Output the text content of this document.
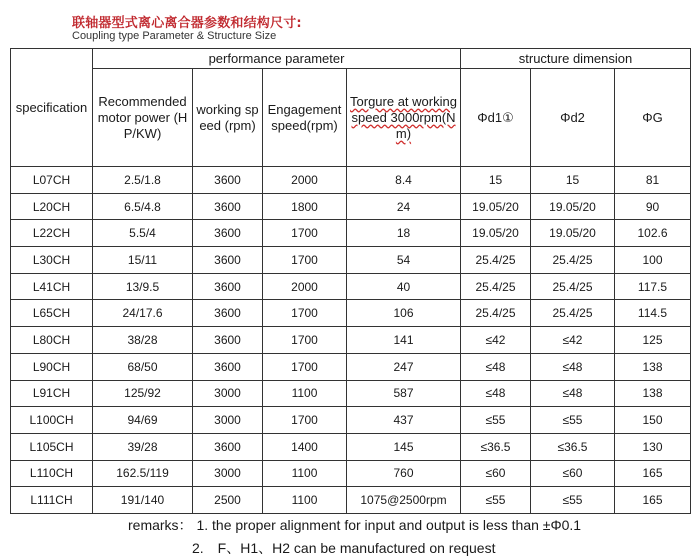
联轴器型式离心离合器参数和结构尺寸:
Coupling type Parameter & Structure Size
specification	performance parameter				structure dimension		
	Recommended motor power (HP/KW)	working speed (rpm)	Engagement speed(rpm)	Torgure at working speed 3000rpm(Nm)	Φd1①	Φd2	ΦG
L07CH	2.5/1.8	3600	2000	8.4	15	15	81
L20CH	6.5/4.8	3600	1800	24	19.05/20	19.05/20	90
L22CH	5.5/4	3600	1700	18	19.05/20	19.05/20	102.6
L30CH	15/11	3600	1700	54	25.4/25	25.4/25	100
L41CH	13/9.5	3600	2000	40	25.4/25	25.4/25	117.5
L65CH	24/17.6	3600	1700	106	25.4/25	25.4/25	114.5
L80CH	38/28	3600	1700	141	≤42	≤42	125
L90CH	68/50	3600	1700	247	≤48	≤48	138
L91CH	125/92	3000	1100	587	≤48	≤48	138
L100CH	94/69	3000	1700	437	≤55	≤55	150
L105CH	39/28	3600	1400	145	≤36.5	≤36.5	130
L110CH	162.5/119	3000	1100	760	≤60	≤60	165
L111CH	191/140	2500	1100	1075@2500rpm	≤55	≤55	165
remarks： 1. the proper alignment for input and output is less than ±Φ0.1
2.　F、H1、H2 can be manufactured on request
